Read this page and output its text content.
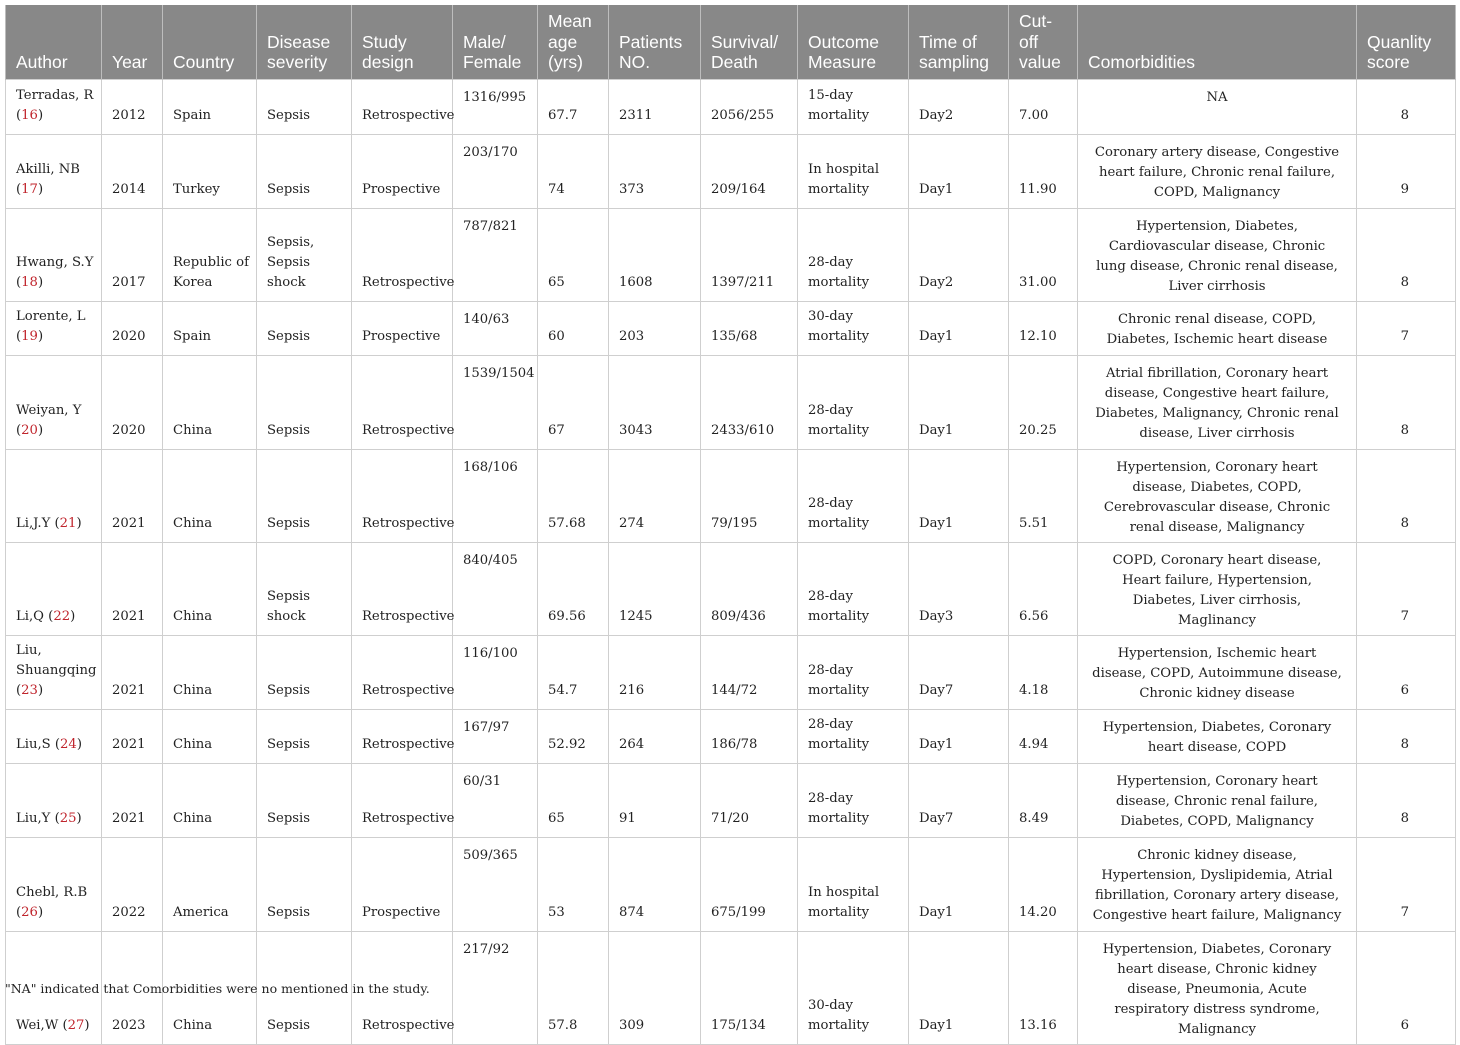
Author	Year	Country	Disease severity	Study design	Male/ Female	Mean age (yrs)	Patients NO.	Survival/ Death	Outcome Measure	Time of sampling	Cut-off value	Comorbidities	Quanlity score
Terradas, R (16)	2012	Spain	Sepsis	Retrospective	1316/995	67.7	2311	2056/255	15-day mortality	Day2	7.00	NA	8
Akilli, NB (17)	2014	Turkey	Sepsis	Prospective	203/170	74	373	209/164	In hospital mortality	Day1	11.90	Coronary artery disease, Congestive heart failure, Chronic renal failure, COPD, Malignancy	9
Hwang, S.Y (18)	2017	Republic of Korea	Sepsis, Sepsis shock	Retrospective	787/821	65	1608	1397/211	28-day mortality	Day2	31.00	Hypertension, Diabetes, Cardiovascular disease, Chronic lung disease, Chronic renal disease, Liver cirrhosis	8
Lorente, L (19)	2020	Spain	Sepsis	Prospective	140/63	60	203	135/68	30-day mortality	Day1	12.10	Chronic renal disease, COPD, Diabetes, Ischemic heart disease	7
Weiyan, Y (20)	2020	China	Sepsis	Retrospective	1539/1504	67	3043	2433/610	28-day mortality	Day1	20.25	Atrial fibrillation, Coronary heart disease, Congestive heart failure, Diabetes, Malignancy, Chronic renal disease, Liver cirrhosis	8
Li,J.Y (21)	2021	China	Sepsis	Retrospective	168/106	57.68	274	79/195	28-day mortality	Day1	5.51	Hypertension, Coronary heart disease, Diabetes, COPD, Cerebrovascular disease, Chronic renal disease, Malignancy	8
Li,Q (22)	2021	China	Sepsis shock	Retrospective	840/405	69.56	1245	809/436	28-day mortality	Day3	6.56	COPD, Coronary heart disease, Heart failure, Hypertension, Diabetes, Liver cirrhosis, Maglinancy	7
Liu, Shuangqing (23)	2021	China	Sepsis	Retrospective	116/100	54.7	216	144/72	28-day mortality	Day7	4.18	Hypertension, Ischemic heart disease, COPD, Autoimmune disease, Chronic kidney disease	6
Liu,S (24)	2021	China	Sepsis	Retrospective	167/97	52.92	264	186/78	28-day mortality	Day1	4.94	Hypertension, Diabetes, Coronary heart disease, COPD	8
Liu,Y (25)	2021	China	Sepsis	Retrospective	60/31	65	91	71/20	28-day mortality	Day7	8.49	Hypertension, Coronary heart disease, Chronic renal failure, Diabetes, COPD, Malignancy	8
Chebl, R.B (26)	2022	America	Sepsis	Prospective	509/365	53	874	675/199	In hospital mortality	Day1	14.20	Chronic kidney disease, Hypertension, Dyslipidemia, Atrial fibrillation, Coronary artery disease, Congestive heart failure, Malignancy	7
Wei,W (27)	2023	China	Sepsis	Retrospective	217/92	57.8	309	175/134	30-day mortality	Day1	13.16	Hypertension, Diabetes, Coronary heart disease, Chronic kidney disease, Pneumonia, Acute respiratory distress syndrome, Malignancy	6
"NA" indicated that Comorbidities were no mentioned in the study.
